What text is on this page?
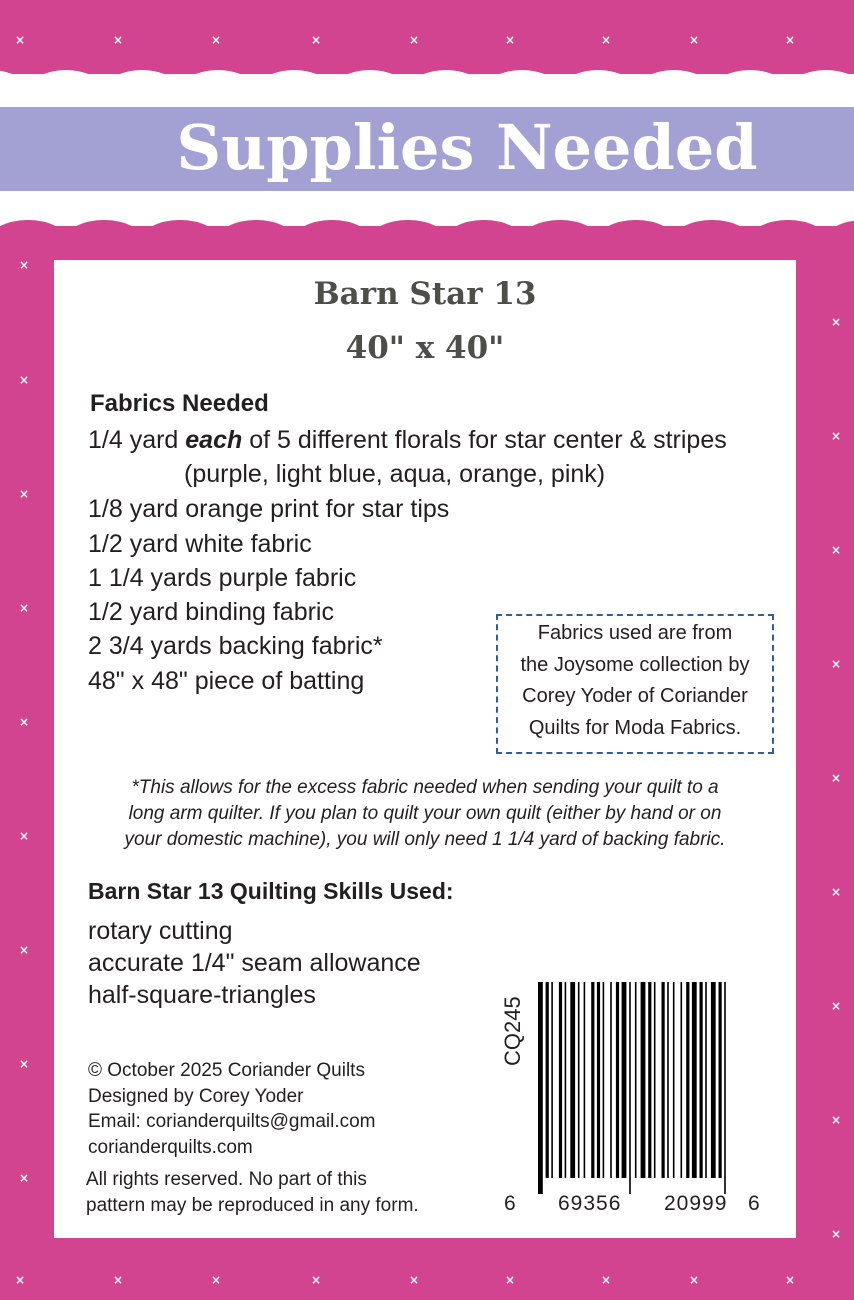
×	×	×	×	×	×	×	×
×
×	×	×	×	×	×	×	×	×
×
×
×
×
×
×
×
×
×
×
×
×
×
×
×
×
×
×
Supplies Needed
Barn Star 13
40" x 40"
Fabrics Needed
1/4 yard each of 5 different florals for star center & stripes
(purple, light blue, aqua, orange, pink)
1/8 yard orange print for star tips
1/2 yard white fabric
1 1/4 yards purple fabric
1/2 yard binding fabric
2 3/4 yards backing fabric*
48" x 48" piece of batting
Fabrics used are from
the Joysome collection by
Corey Yoder of Coriander
Quilts for Moda Fabrics.
*This allows for the excess fabric needed when sending your quilt to a
long arm quilter. If you plan to quilt your own quilt (either by hand or on
your domestic machine), you will only need 1 1/4 yard of backing fabric.
Barn Star 13 Quilting Skills Used:
rotary cutting
accurate 1/4" seam allowance
half-square-triangles
© October 2025 Coriander Quilts
Designed by Corey Yoder
Email: corianderquilts@gmail.com
corianderquilts.com
All rights reserved. No part of this
pattern may be reproduced in any form.
CQ245
6 69356 20999 6
